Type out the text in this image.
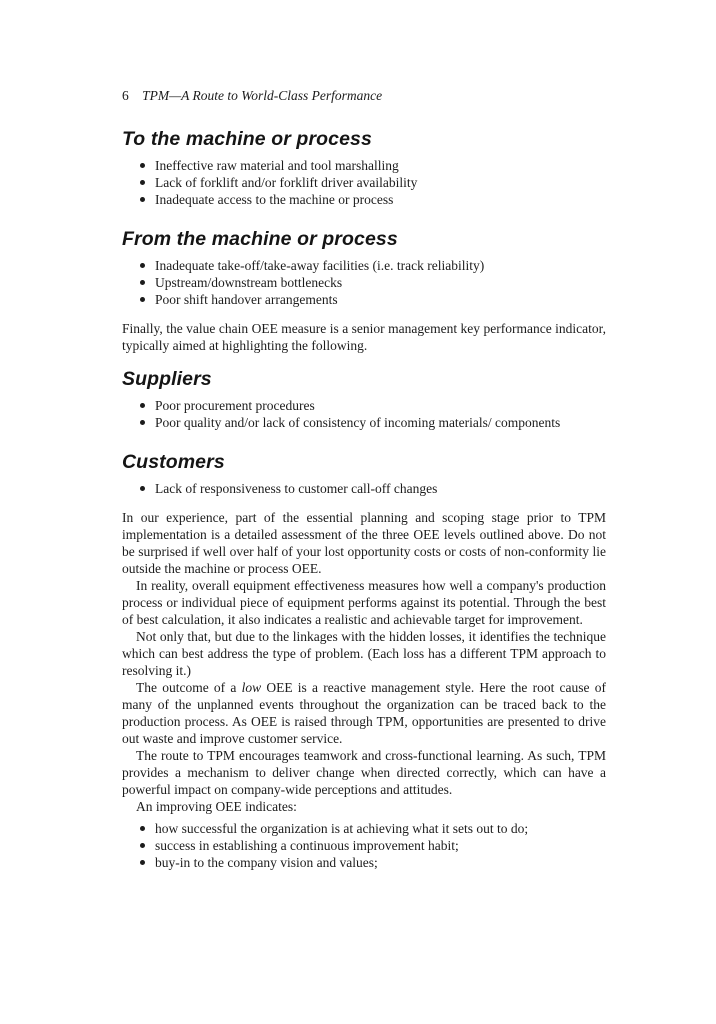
6 TPM—A Route to World-Class Performance
To the machine or process
Ineffective raw material and tool marshalling
Lack of forklift and/or forklift driver availability
Inadequate access to the machine or process
From the machine or process
Inadequate take-off/take-away facilities (i.e. track reliability)
Upstream/downstream bottlenecks
Poor shift handover arrangements

Finally, the value chain OEE measure is a senior management key performance indicator, typically aimed at highlighting the following.

Suppliers
Poor procurement procedures
Poor quality and/or lack of consistency of incoming materials/ components
Customers
Lack of responsiveness to customer call-off changes

In our experience, part of the essential planning and scoping stage prior to TPM implementation is a detailed assessment of the three OEE levels outlined above. Do not be surprised if well over half of your lost opportunity costs or costs of non-conformity lie outside the machine or process OEE.

In reality, overall equipment effectiveness measures how well a company's production process or individual piece of equipment performs against its potential. Through the best of best calculation, it also indicates a realistic and achievable target for improvement.

Not only that, but due to the linkages with the hidden losses, it identifies the technique which can best address the type of problem. (Each loss has a different TPM approach to resolving it.)

The outcome of a low OEE is a reactive management style. Here the root cause of many of the unplanned events throughout the organization can be traced back to the production process. As OEE is raised through TPM, opportunities are presented to drive out waste and improve customer service.

The route to TPM encourages teamwork and cross-functional learning. As such, TPM provides a mechanism to deliver change when directed correctly, which can have a powerful impact on company-wide perceptions and attitudes.

An improving OEE indicates:

how successful the organization is at achieving what it sets out to do;
success in establishing a continuous improvement habit;
buy-in to the company vision and values;
